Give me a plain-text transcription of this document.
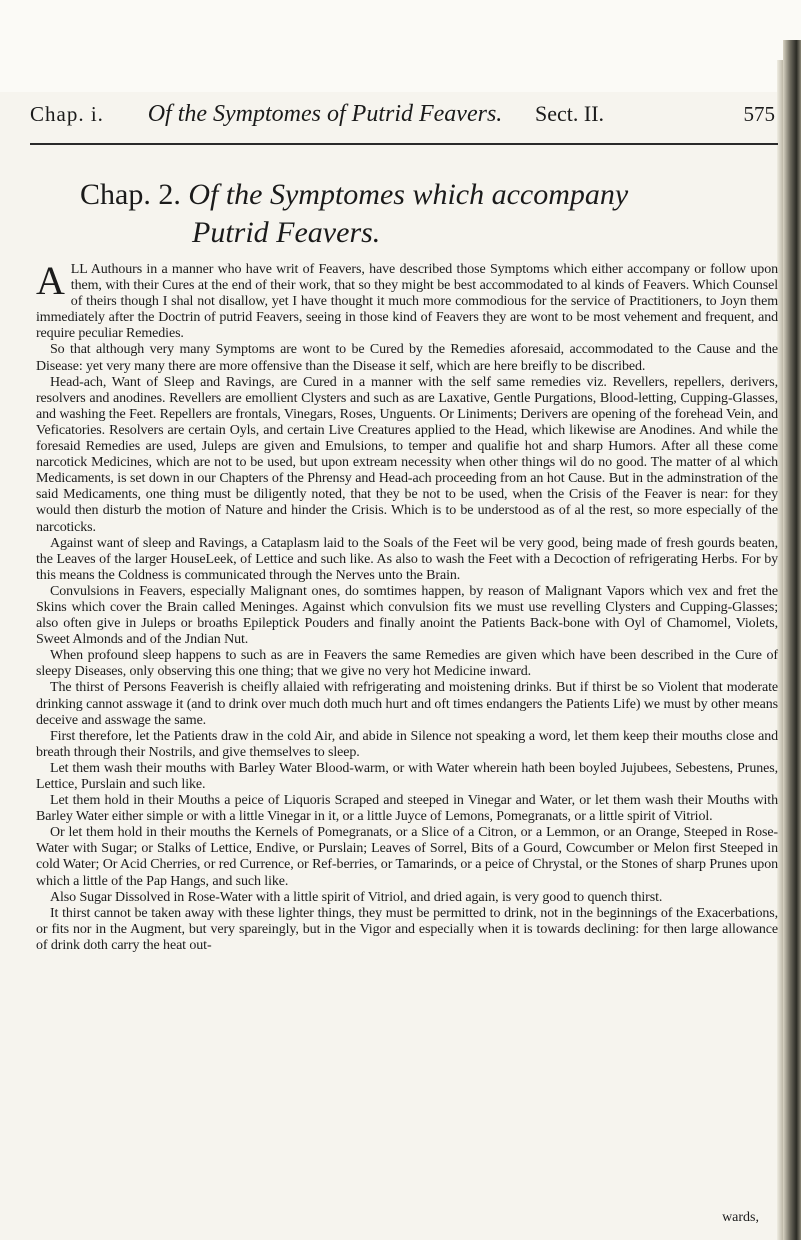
Chap. i.	Of the Symptomes of Putrid Feavers.	Sect. II.	575
Chap. 2. Of the Symptomes which accompany
Putrid Feavers.

ALL Authours in a manner who have writ of Feavers, have described those Symptoms which either accompany or follow upon them, with their Cures at the end of their work, that so they might be best accommodated to al kinds of Feavers. Which Counsel of theirs though I shal not disallow, yet I have thought it much more commodious for the service of Practitioners, to Joyn them immediately after the Doctrin of putrid Feavers, seeing in those kind of Feavers they are wont to be most vehement and frequent, and require peculiar Remedies.

So that although very many Symptoms are wont to be Cured by the Remedies aforesaid, accommodated to the Cause and the Disease: yet very many there are more offensive than the Disease it self, which are here breifly to be discribed.

Head-ach, Want of Sleep and Ravings, are Cured in a manner with the self same remedies viz. Revellers, repellers, derivers, resolvers and anodines. Revellers are emollient Clysters and such as are Laxative, Gentle Purgations, Blood-letting, Cupping-Glasses, and washing the Feet. Repellers are frontals, Vinegars, Roses, Unguents. Or Liniments; Derivers are opening of the forehead Vein, and Veficatories. Resolvers are certain Oyls, and certain Live Creatures applied to the Head, which likewise are Anodines. And while the foresaid Remedies are used, Juleps are given and Emulsions, to temper and qualifie hot and sharp Humors. After all these come narcotick Medicines, which are not to be used, but upon extream necessity when other things wil do no good. The matter of al which Medicaments, is set down in our Chapters of the Phrensy and Head-ach proceeding from an hot Cause. But in the adminstration of the said Medicaments, one thing must be diligently noted, that they be not to be used, when the Crisis of the Feaver is near: for they would then disturb the motion of Nature and hinder the Crisis. Which is to be understood as of al the rest, so more especially of the narcoticks.

Against want of sleep and Ravings, a Cataplasm laid to the Soals of the Feet wil be very good, being made of fresh gourds beaten, the Leaves of the larger HouseLeek, of Lettice and such like. As also to wash the Feet with a Decoction of refrigerating Herbs. For by this means the Coldness is communicated through the Nerves unto the Brain.

Convulsions in Feavers, especially Malignant ones, do somtimes happen, by reason of Malignant Vapors which vex and fret the Skins which cover the Brain called Meninges. Against which convulsion fits we must use revelling Clysters and Cupping-Glasses; also often give in Juleps or broaths Epileptick Pouders and finally anoint the Patients Back-bone with Oyl of Chamomel, Violets, Sweet Almonds and of the Jndian Nut.

When profound sleep happens to such as are in Feavers the same Remedies are given which have been described in the Cure of sleepy Diseases, only observing this one thing; that we give no very hot Medicine inward.

The thirst of Persons Feaverish is cheifly allaied with refrigerating and moistening drinks. But if thirst be so Violent that moderate drinking cannot asswage it (and to drink over much doth much hurt and oft times endangers the Patients Life) we must by other means deceive and asswage the same.

First therefore, let the Patients draw in the cold Air, and abide in Silence not speaking a word, let them keep their mouths close and breath through their Nostrils, and give themselves to sleep.

Let them wash their mouths with Barley Water Blood-warm, or with Water wherein hath been boyled Jujubees, Sebestens, Prunes, Lettice, Purslain and such like.

Let them hold in their Mouths a peice of Liquoris Scraped and steeped in Vinegar and Water, or let them wash their Mouths with Barley Water either simple or with a little Vinegar in it, or a little Juyce of Lemons, Pomegranats, or a little spirit of Vitriol.

Or let them hold in their mouths the Kernels of Pomegranats, or a Slice of a Citron, or a Lemmon, or an Orange, Steeped in Rose-Water with Sugar; or Stalks of Lettice, Endive, or Purslain; Leaves of Sorrel, Bits of a Gourd, Cowcumber or Melon first Steeped in cold Water; Or Acid Cherries, or red Currence, or Ref-berries, or Tamarinds, or a peice of Chrystal, or the Stones of sharp Prunes upon which a little of the Pap Hangs, and such like.

Also Sugar Dissolved in Rose-Water with a little spirit of Vitriol, and dried again, is very good to quench thirst.

It thirst cannot be taken away with these lighter things, they must be permitted to drink, not in the beginnings of the Exacerbations, or fits nor in the Augment, but very spareingly, but in the Vigor and especially when it is towards declining: for then large allowance of drink doth carry the heat out-

wards,
